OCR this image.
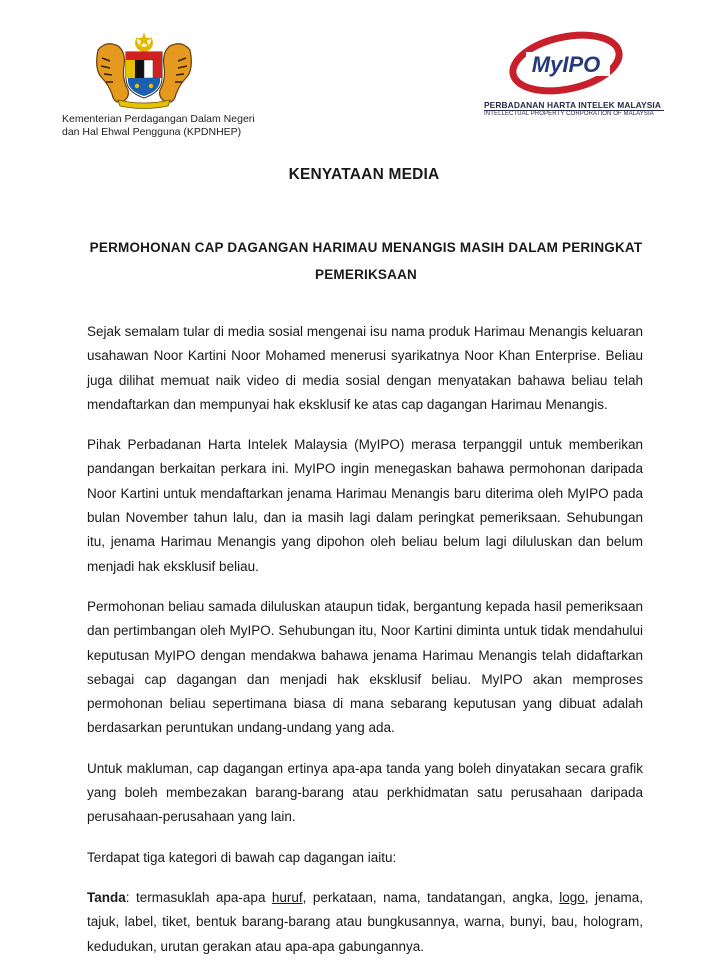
Kementerian Perdagangan Dalam Negeri
dan Hal Ehwal Pengguna (KPDNHEP)
MyIPO
PERBADANAN HARTA INTELEK MALAYSIA
INTELLECTUAL PROPERTY CORPORATION OF MALAYSIA
KENYATAAN MEDIA
PERMOHONAN CAP DAGANGAN HARIMAU MENANGIS MASIH DALAM PERINGKAT PEMERIKSAAN

Sejak semalam tular di media sosial mengenai isu nama produk Harimau Menangis keluaran usahawan Noor Kartini Noor Mohamed menerusi syarikatnya Noor Khan Enterprise. Beliau juga dilihat memuat naik video di media sosial dengan menyatakan bahawa beliau telah mendaftarkan dan mempunyai hak eksklusif ke atas cap dagangan Harimau Menangis.

Pihak Perbadanan Harta Intelek Malaysia (MyIPO) merasa terpanggil untuk memberikan pandangan berkaitan perkara ini. MyIPO ingin menegaskan bahawa permohonan daripada Noor Kartini untuk mendaftarkan jenama Harimau Menangis baru diterima oleh MyIPO pada bulan November tahun lalu, dan ia masih lagi dalam peringkat pemeriksaan. Sehubungan itu, jenama Harimau Menangis yang dipohon oleh beliau belum lagi diluluskan dan belum menjadi hak eksklusif beliau.

Permohonan beliau samada diluluskan ataupun tidak, bergantung kepada hasil pemeriksaan dan pertimbangan oleh MyIPO. Sehubungan itu, Noor Kartini diminta untuk tidak mendahului keputusan MyIPO dengan mendakwa bahawa jenama Harimau Menangis telah didaftarkan sebagai cap dagangan dan menjadi hak eksklusif beliau. MyIPO akan memproses permohonan beliau sepertimana biasa di mana sebarang keputusan yang dibuat adalah berdasarkan peruntukan undang-undang yang ada.

Untuk makluman, cap dagangan ertinya apa-apa tanda yang boleh dinyatakan secara grafik yang boleh membezakan barang-barang atau perkhidmatan satu perusahaan daripada perusahaan-perusahaan yang lain.

Terdapat tiga kategori di bawah cap dagangan iaitu:

Tanda: termasuklah apa-apa huruf, perkataan, nama, tandatangan, angka, logo, jenama, tajuk, label, tiket, bentuk barang-barang atau bungkusannya, warna, bunyi, bau, hologram, kedudukan, urutan gerakan atau apa-apa gabungannya.
